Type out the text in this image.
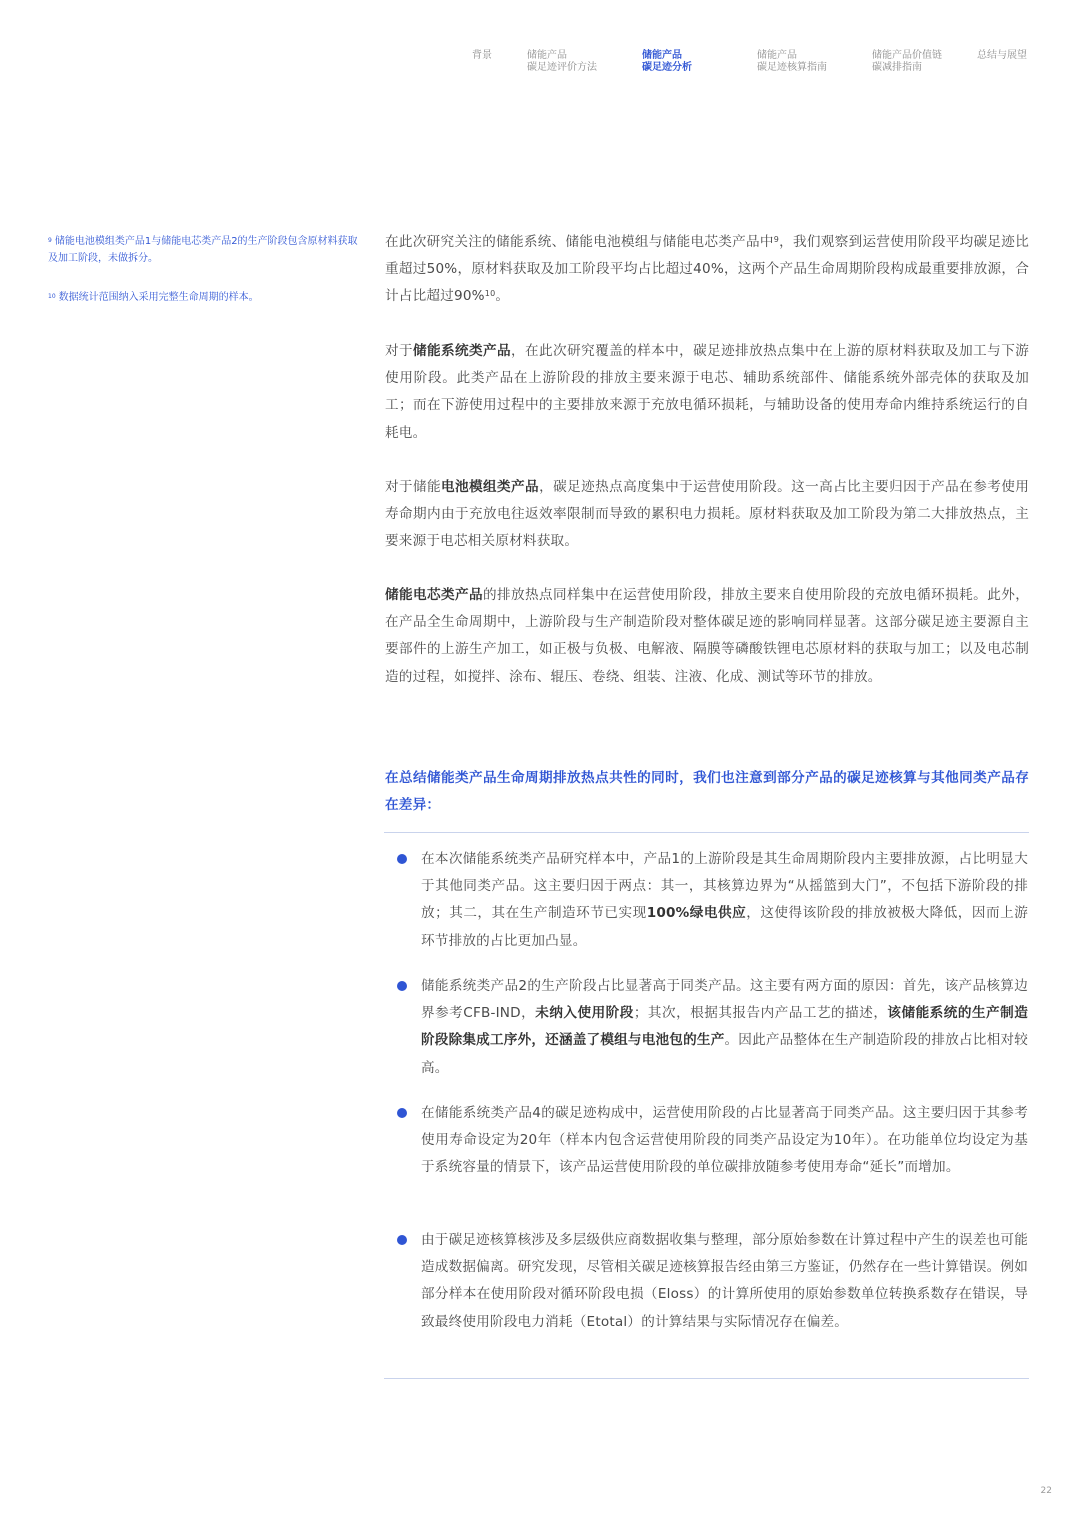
背景	储能产品
碳足迹评价方法
储能产品
碳足迹分析
储能产品
碳足迹核算指南
储能产品价值链
碳减排指南
总结与展望
$^9$ 储能电池模组类产品1与储能电芯类产品2的生产阶段包含原材料获取及加工阶段，未做拆分。
$^{10}$ 数据统计范围纳入采用完整生命周期的样本。
在此次研究关注的储能系统、储能电池模组与储能电芯类产品中$^9$，我们观察到运营使用阶段平均碳足迹比重超过50%，原材料获取及加工阶段平均占比超过40%，这两个产品生命周期阶段构成最重要排放源，合计占比超过90%$^{10}$。
对于储能系统类产品，在此次研究覆盖的样本中，碳足迹排放热点集中在上游的原材料获取及加工与下游使用阶段。此类产品在上游阶段的排放主要来源于电芯、辅助系统部件、储能系统外部壳体的获取及加工；而在下游使用过程中的主要排放来源于充放电循环损耗，与辅助设备的使用寿命内维持系统运行的自耗电。
对于储能电池模组类产品，碳足迹热点高度集中于运营使用阶段。这一高占比主要归因于产品在参考使用寿命期内由于充放电往返效率限制而导致的累积电力损耗。原材料获取及加工阶段为第二大排放热点，主要来源于电芯相关原材料获取。
储能电芯类产品的排放热点同样集中在运营使用阶段，排放主要来自使用阶段的充放电循环损耗。此外，在产品全生命周期中，上游阶段与生产制造阶段对整体碳足迹的影响同样显著。这部分碳足迹主要源自主要部件的上游生产加工，如正极与负极、电解液、隔膜等磷酸铁锂电芯原材料的获取与加工；以及电芯制造的过程，如搅拌、涂布、辊压、卷绕、组装、注液、化成、测试等环节的排放。
在总结储能类产品生命周期排放热点共性的同时，我们也注意到部分产品的碳足迹核算与其他同类产品存在差异：
在本次储能系统类产品研究样本中，产品1的上游阶段是其生命周期阶段内主要排放源，占比明显大于其他同类产品。这主要归因于两点：其一，其核算边界为“从摇篮到大门”，不包括下游阶段的排放；其二，其在生产制造环节已实现100%绿电供应，这使得该阶段的排放被极大降低，因而上游环节排放的占比更加凸显。
储能系统类产品2的生产阶段占比显著高于同类产品。这主要有两方面的原因：首先，该产品核算边界参考CFB-IND，未纳入使用阶段；其次，根据其报告内产品工艺的描述，该储能系统的生产制造阶段除集成工序外，还涵盖了模组与电池包的生产。因此产品整体在生产制造阶段的排放占比相对较高。
在储能系统类产品4的碳足迹构成中，运营使用阶段的占比显著高于同类产品。这主要归因于其参考使用寿命设定为20年（样本内包含运营使用阶段的同类产品设定为10年）。在功能单位均设定为基于系统容量的情景下，该产品运营使用阶段的单位碳排放随参考使用寿命“延长”而增加。
由于碳足迹核算核涉及多层级供应商数据收集与整理，部分原始参数在计算过程中产生的误差也可能造成数据偏离。研究发现，尽管相关碳足迹核算报告经由第三方鉴证，仍然存在一些计算错误。例如部分样本在使用阶段对循环阶段电损（Eloss）的计算所使用的原始参数单位转换系数存在错误，导致最终使用阶段电力消耗（Etotal）的计算结果与实际情况存在偏差。
22
